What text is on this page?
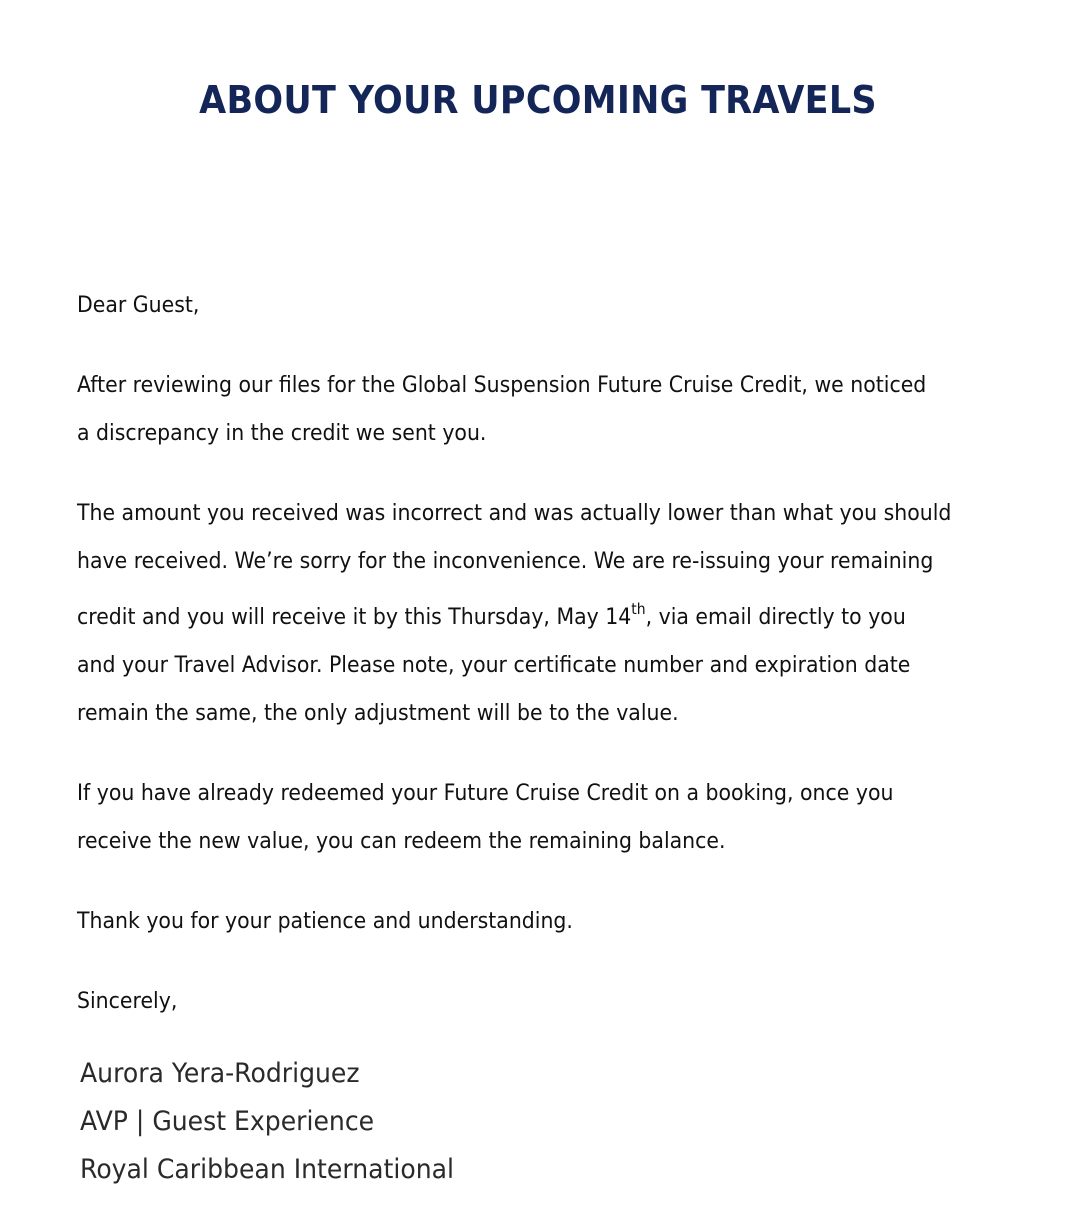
ABOUT YOUR UPCOMING TRAVELS
Dear Guest,
After reviewing our files for the Global Suspension Future Cruise Credit, we noticed
a discrepancy in the credit we sent you.
The amount you received was incorrect and was actually lower than what you should
have received. We’re sorry for the inconvenience. We are re-issuing your remaining
credit and you will receive it by this Thursday, May 14th, via email directly to you
and your Travel Advisor. Please note, your certificate number and expiration date
remain the same, the only adjustment will be to the value.
If you have already redeemed your Future Cruise Credit on a booking, once you
receive the new value, you can redeem the remaining balance.
Thank you for your patience and understanding.
Sincerely,
Aurora Yera-Rodriguez
AVP | Guest Experience
Royal Caribbean International
